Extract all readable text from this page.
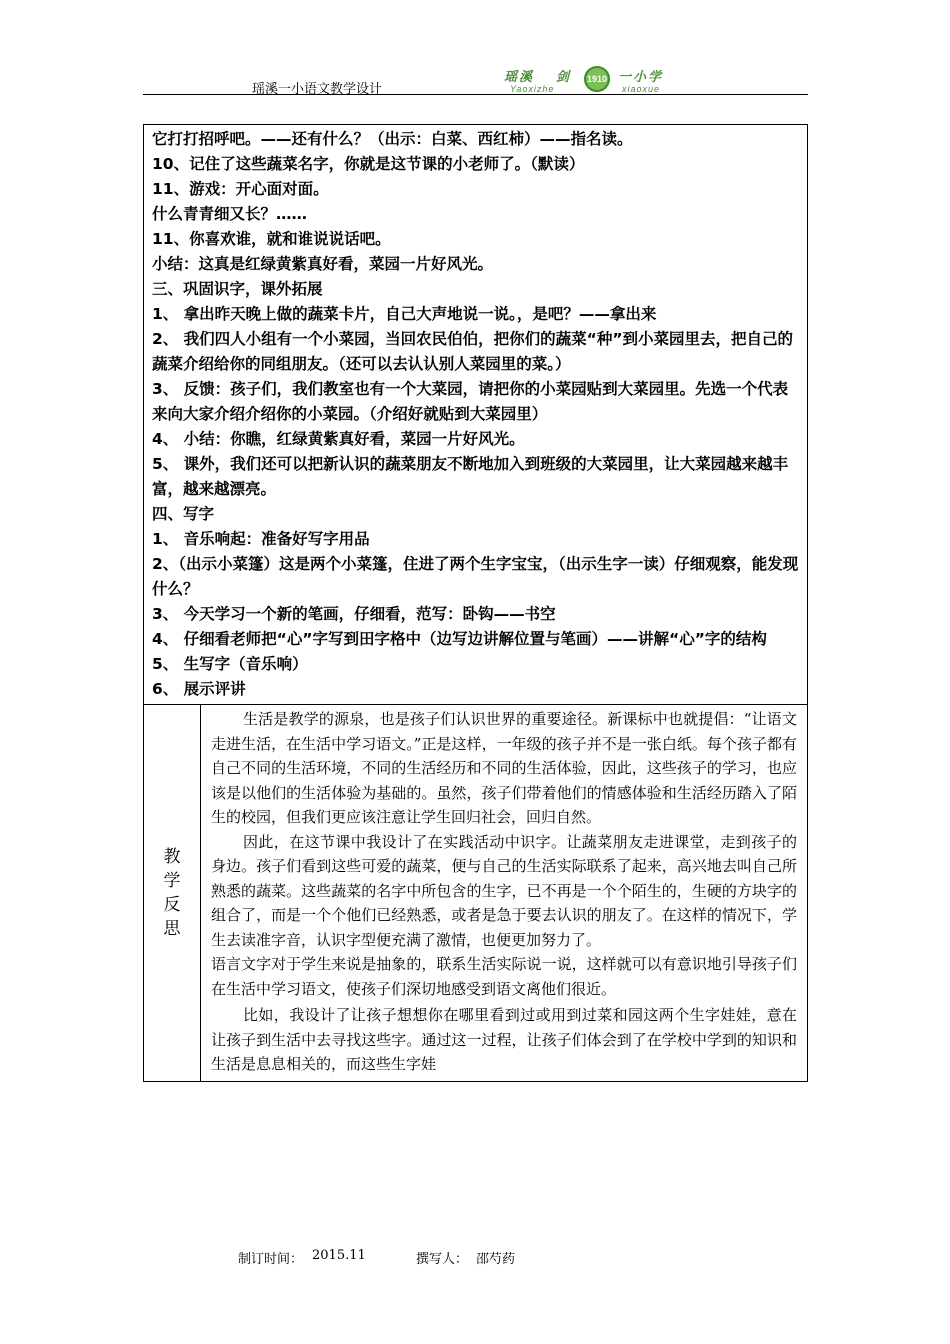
瑶溪一小语文教学设计
瑶溪 剑	1910 一小学
Yaoxizhe	xiaoxue

它打打招呼吧。——还有什么？（出示：白菜、西红柿）——指名读。

10、记住了这些蔬菜名字，你就是这节课的小老师了。（默读）

11、游戏：开心面对面。

什么青青细又长？……

11、你喜欢谁，就和谁说说话吧。

小结：这真是红绿黄紫真好看，菜园一片好风光。

三、巩固识字，课外拓展

1、 拿出昨天晚上做的蔬菜卡片，自己大声地说一说。，是吧？——拿出来

2、 我们四人小组有一个小菜园，当回农民伯伯，把你们的蔬菜“种”到小菜园里去，把自己的蔬菜介绍给你的同组朋友。（还可以去认认别人菜园里的菜。）

3、 反馈：孩子们，我们教室也有一个大菜园，请把你的小菜园贴到大菜园里。先选一个代表来向大家介绍介绍你的小菜园。（介绍好就贴到大菜园里）

4、 小结：你瞧，红绿黄紫真好看，菜园一片好风光。

5、 课外，我们还可以把新认识的蔬菜朋友不断地加入到班级的大菜园里，让大菜园越来越丰富，越来越漂亮。

四、写字

1、 音乐响起：准备好写字用品

2、（出示小菜篷）这是两个小菜篷，住进了两个生字宝宝，（出示生字一读）仔细观察，能发现什么？

3、 今天学习一个新的笔画，仔细看，范写：卧钩——书空

4、 仔细看老师把“心”字写到田字格中（边写边讲解位置与笔画）——讲解“心”字的结构

5、 生写字（音乐响）

6、 展示评讲

教
学
反
思

生活是教学的源泉，也是孩子们认识世界的重要途径。新课标中也就提倡：“让语文走进生活，在生活中学习语文。”正是这样，一年级的孩子并不是一张白纸。每个孩子都有自己不同的生活环境，不同的生活经历和不同的生活体验，因此，这些孩子的学习，也应该是以他们的生活体验为基础的。虽然，孩子们带着他们的情感体验和生活经历踏入了陌生的校园，但我们更应该注意让学生回归社会，回归自然。

因此，在这节课中我设计了在实践活动中识字。让蔬菜朋友走进课堂，走到孩子的身边。孩子们看到这些可爱的蔬菜，便与自己的生活实际联系了起来，高兴地去叫自己所熟悉的蔬菜。这些蔬菜的名字中所包含的生字，已不再是一个个陌生的，生硬的方块字的组合了，而是一个个他们已经熟悉，或者是急于要去认识的朋友了。在这样的情况下，学生去读准字音，认识字型便充满了激情，也便更加努力了。

语言文字对于学生来说是抽象的，联系生活实际说一说，这样就可以有意识地引导孩子们在生活中学习语文，使孩子们深切地感受到语文离他们很近。

比如，我设计了让孩子想想你在哪里看到过或用到过菜和园这两个生字娃娃，意在让孩子到生活中去寻找这些字。通过这一过程，让孩子们体会到了在学校中学到的知识和生活是息息相关的，而这些生字娃

制订时间： 2015.11	撰写人： 邵芍药
